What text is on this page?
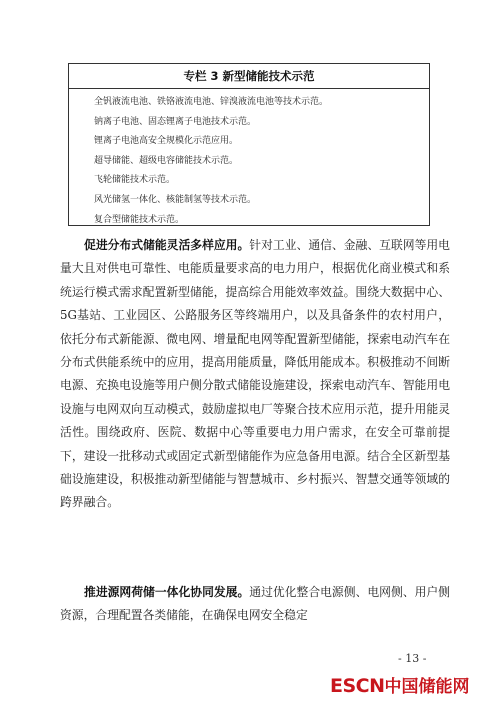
专栏 3 新型储能技术示范
全钒液流电池、铁铬液流电池、锌溴液流电池等技术示范。
钠离子电池、固态锂离子电池技术示范。
锂离子电池高安全规模化示范应用。
超导储能、超级电容储能技术示范。
飞轮储能技术示范。
风光储氢一体化、核能制氢等技术示范。
复合型储能技术示范。
促进分布式储能灵活多样应用。针对工业、通信、金融、互联网等用电量大且对供电可靠性、电能质量要求高的电力用户，根据优化商业模式和系统运行模式需求配置新型储能，提高综合用能效率效益。围绕大数据中心、5G基站、工业园区、公路服务区等终端用户，以及具备条件的农村用户，依托分布式新能源、微电网、增量配电网等配置新型储能，探索电动汽车在分布式供能系统中的应用，提高用能质量，降低用能成本。积极推动不间断电源、充换电设施等用户侧分散式储能设施建设，探索电动汽车、智能用电设施与电网双向互动模式，鼓励虚拟电厂等聚合技术应用示范，提升用能灵活性。围绕政府、医院、数据中心等重要电力用户需求，在安全可靠前提下，建设一批移动式或固定式新型储能作为应急备用电源。结合全区新型基础设施建设，积极推动新型储能与智慧城市、乡村振兴、智慧交通等领域的跨界融合。
推进源网荷储一体化协同发展。通过优化整合电源侧、电网侧、用户侧资源，合理配置各类储能，在确保电网安全稳定
- 13 -
ESCN中国储能网
